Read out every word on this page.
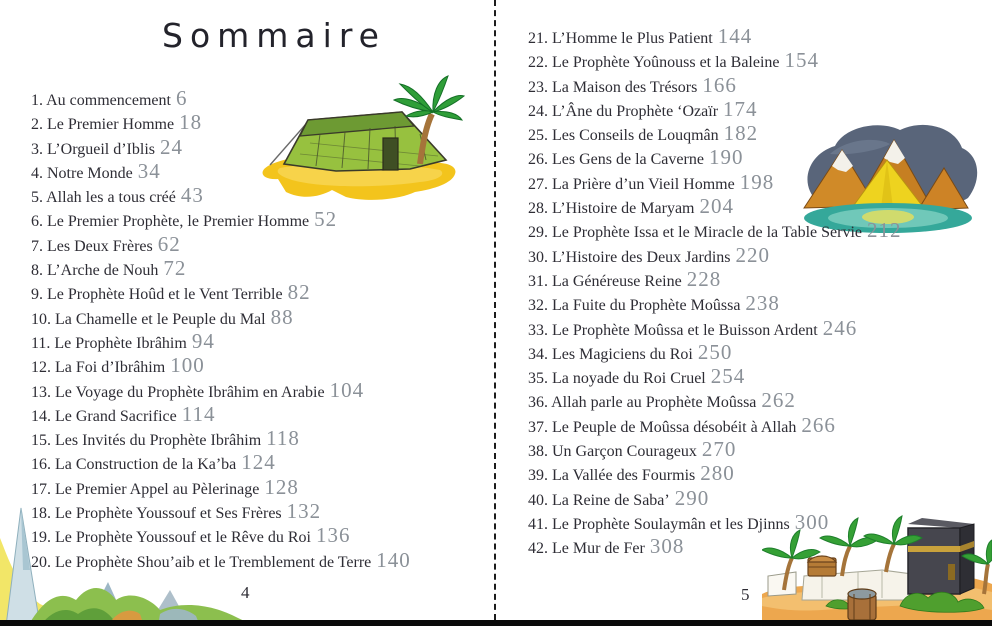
Sommaire
1. Au commencement 6
2. Le Premier Homme 18
3. L’Orgueil d’Iblis 24
4. Notre Monde 34
5. Allah les a tous créé 43
6. Le Premier Prophète, le Premier Homme 52
7. Les Deux Frères 62
8. L’Arche de Nouh 72
9. Le Prophète Hoûd et le Vent Terrible 82
10. La Chamelle et le Peuple du Mal 88
11. Le Prophète Ibrâhim 94
12. La Foi d’Ibrâhim 100
13. Le Voyage du Prophète Ibrâhim en Arabie 104
14. Le Grand Sacrifice 114
15. Les Invités du Prophète Ibrâhim 118
16. La Construction de la Ka’ba 124
17. Le Premier Appel au Pèlerinage 128
18. Le Prophète Youssouf et Ses Frères 132
19. Le Prophète Youssouf et le Rêve du Roi 136
20. Le Prophète Shou’aib et le Tremblement de Terre 140
21. L’Homme le Plus Patient 144
22. Le Prophète Yoûnouss et la Baleine 154
23. La Maison des Trésors 166
24. L’Âne du Prophète ‘Ozaïr 174
25. Les Conseils de Louqmân 182
26. Les Gens de la Caverne 190
27. La Prière d’un Vieil Homme 198
28. L’Histoire de Maryam 204
29. Le Prophète Issa et le Miracle de la Table Servie 212
30. L’Histoire des Deux Jardins 220
31. La Généreuse Reine 228
32. La Fuite du Prophète Moûssa 238
33. Le Prophète Moûssa et le Buisson Ardent 246
34. Les Magiciens du Roi 250
35. La noyade du Roi Cruel 254
36. Allah parle au Prophète Moûssa 262
37. Le Peuple de Moûssa désobéit à Allah 266
38. Un Garçon Courageux 270
39. La Vallée des Fourmis 280
40. La Reine de Saba’ 290
41. Le Prophète Soulaymân et les Djinns 300
42. Le Mur de Fer 308
4	5
